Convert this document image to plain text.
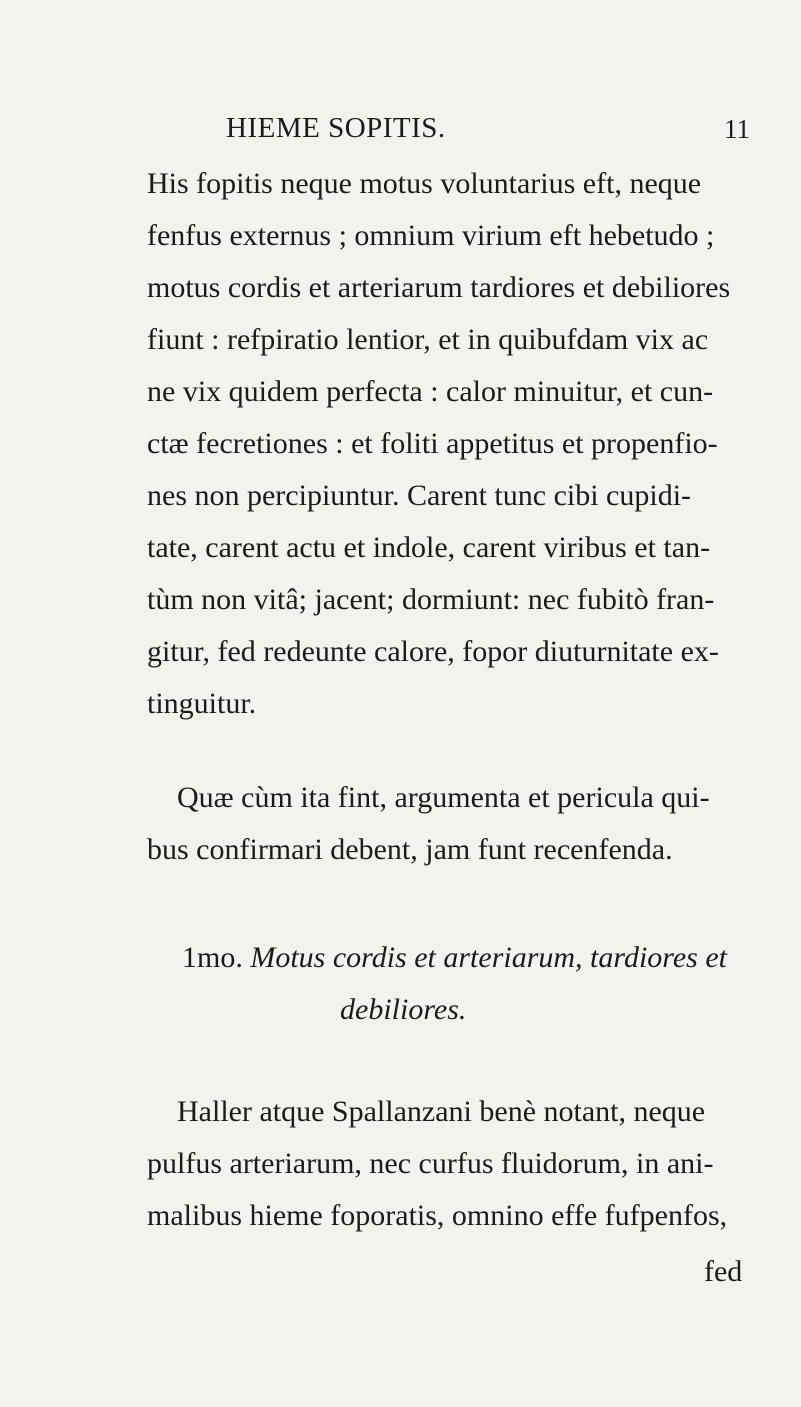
HIEME SOPITIS.	11
His fopitis neque motus voluntarius eft, neque
fenfus externus ; omnium virium eft hebetudo ;
motus cordis et arteriarum tardiores et debiliores
fiunt : refpiratio lentior, et in quibufdam vix ac
ne vix quidem perfecta : calor minuitur, et cun-
ctæ fecretiones : et foliti appetitus et propenfio-
nes non percipiuntur. Carent tunc cibi cupidi-
tate, carent actu et indole, carent viribus et tan-
tùm non vitâ; jacent; dormiunt: nec fubitò fran-
gitur, fed redeunte calore, fopor diuturnitate ex-
tinguitur.
Quæ cùm ita fint, argumenta et pericula qui-
bus confirmari debent, jam funt recenfenda.
1mo. Motus cordis et arteriarum, tardiores et
debiliores.
Haller atque Spallanzani benè notant, neque
pulfus arteriarum, nec curfus fluidorum, in ani-
malibus hieme foporatis, omnino effe fufpenfos,
fed
